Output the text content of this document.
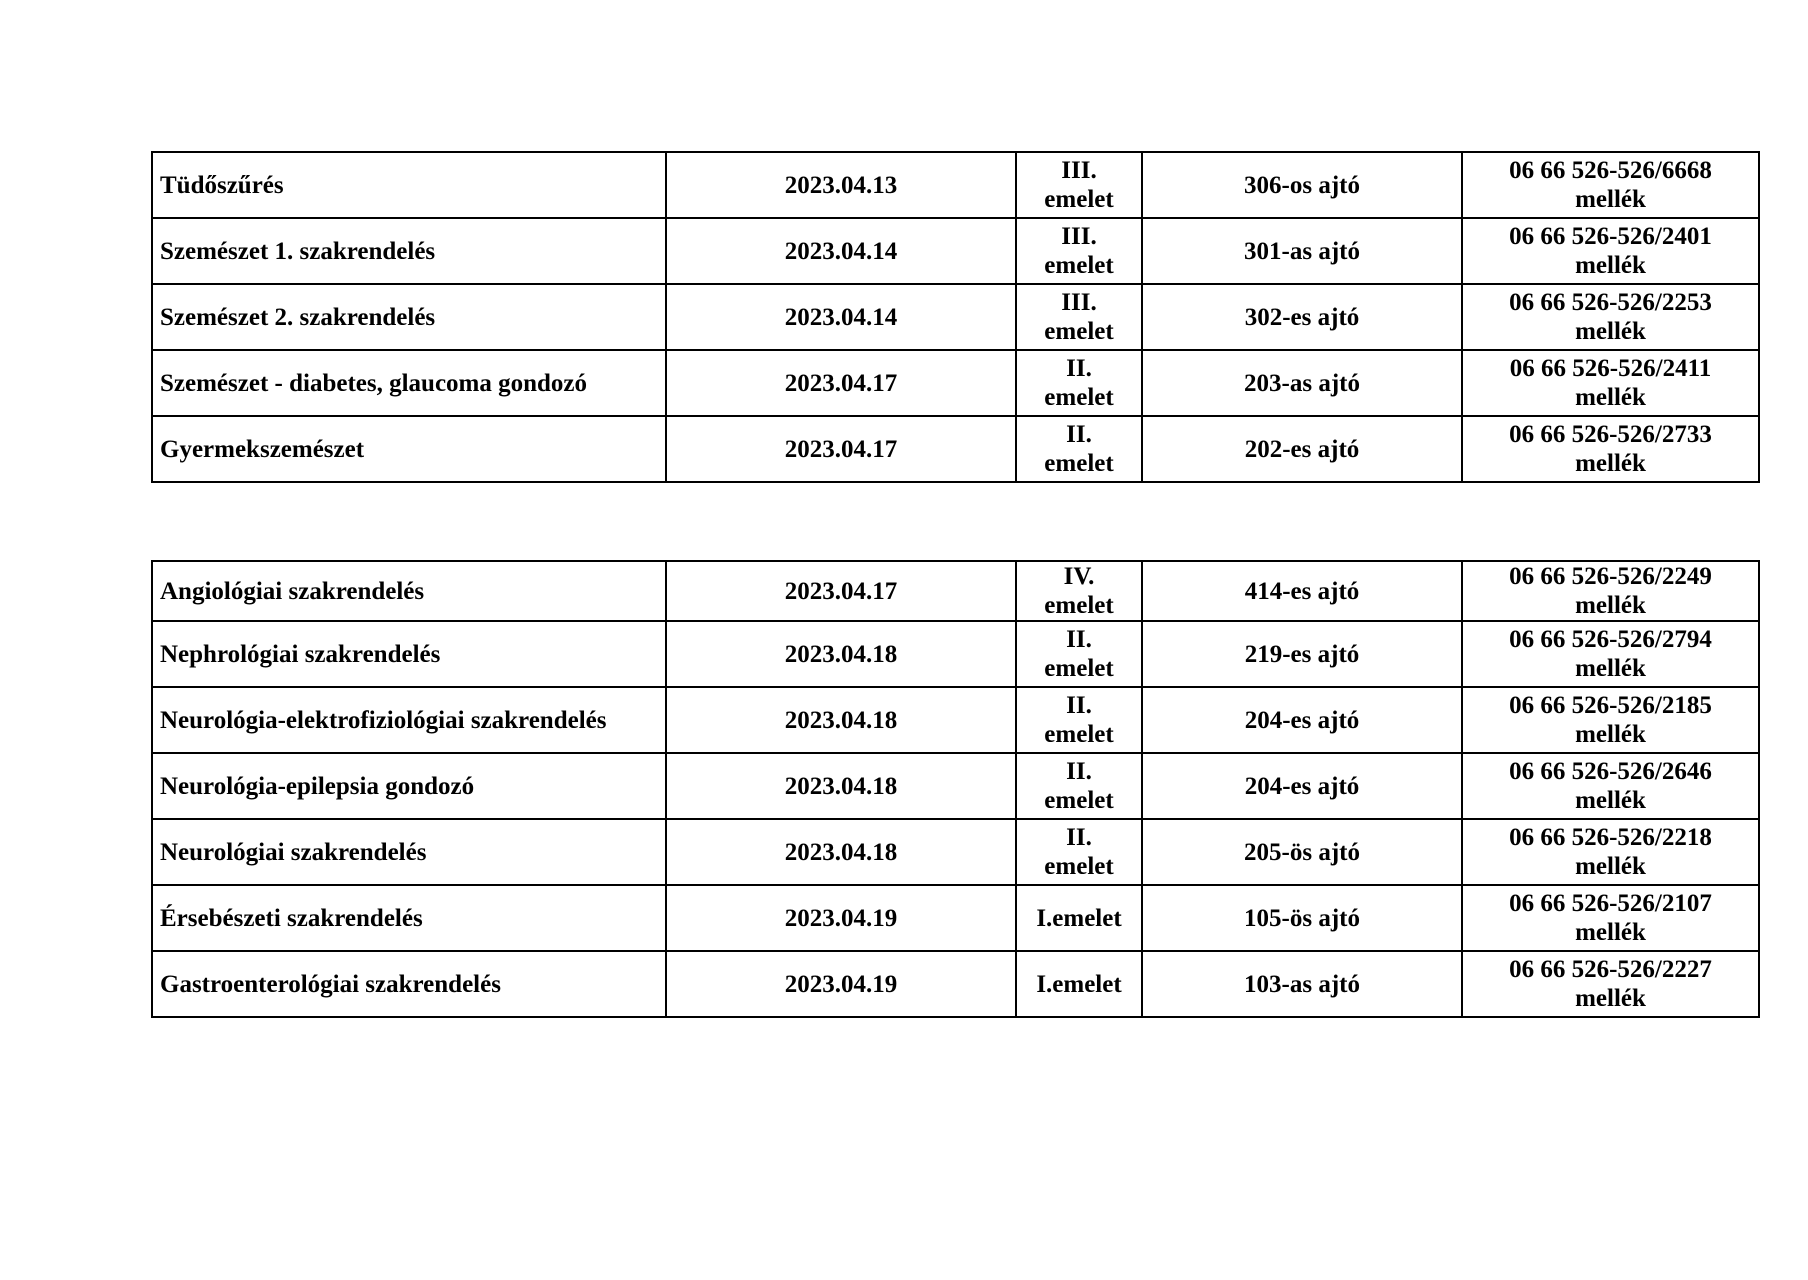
Tüdőszűrés	2023.04.13	III. emelet	306-os ajtó	06 66 526-526/6668
mellék

Szemészet 1. szakrendelés	2023.04.14	III. emelet	301-as ajtó	06 66 526-526/2401
mellék

Szemészet 2. szakrendelés	2023.04.14	III. emelet	302-es ajtó	06 66 526-526/2253
mellék

Szemészet - diabetes, glaucoma gondozó	2023.04.17	II. emelet	203-as ajtó	06 66 526-526/2411
mellék

Gyermekszemészet	2023.04.17	II. emelet	202-es ajtó	06 66 526-526/2733
mellék
Angiológiai szakrendelés	2023.04.17	IV. emelet	414-es ajtó	06 66 526-526/2249
mellék

Nephrológiai szakrendelés	2023.04.18	II. emelet	219-es ajtó	06 66 526-526/2794
mellék

Neurológia-elektrofiziológiai szakrendelés	2023.04.18	II. emelet	204-es ajtó	06 66 526-526/2185
mellék

Neurológia-epilepsia gondozó	2023.04.18	II. emelet	204-es ajtó	06 66 526-526/2646
mellék

Neurológiai szakrendelés	2023.04.18	II. emelet	205-ös ajtó	06 66 526-526/2218
mellék

Érsebészeti szakrendelés	2023.04.19	I.emelet	105-ös ajtó	06 66 526-526/2107
mellék

Gastroenterológiai szakrendelés	2023.04.19	I.emelet	103-as ajtó	06 66 526-526/2227
mellék
